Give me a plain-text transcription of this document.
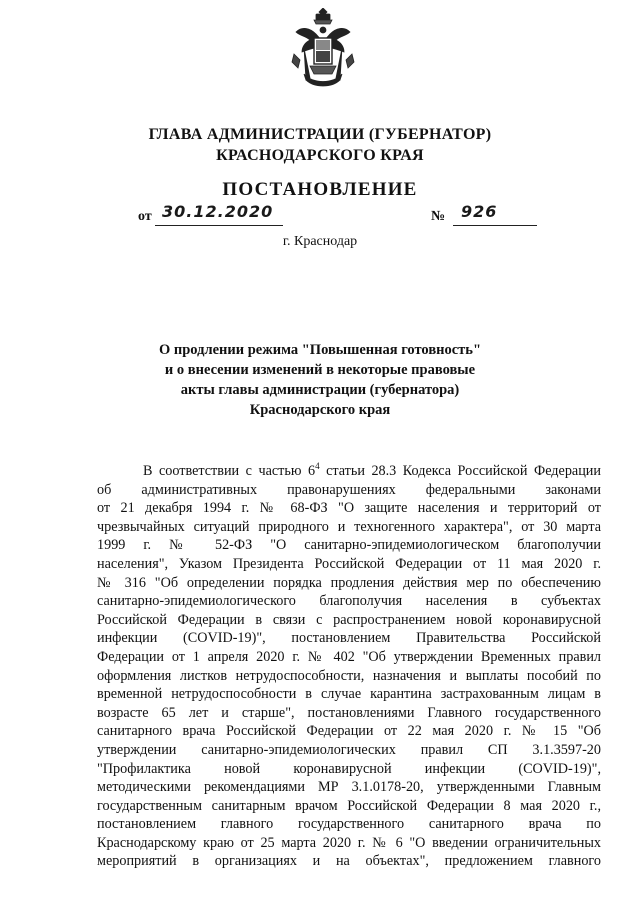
ГЛАВА АДМИНИСТРАЦИИ (ГУБЕРНАТОР)
КРАСНОДАРСКОГО КРАЯ
ПОСТАНОВЛЕНИЕ
от 30.12.2020	№ 926
г. Краснодар
О продлении режима "Повышенная готовность"
и о внесении изменений в некоторые правовые
акты главы администрации (губернатора)
Краснодарского края
В соответствии с частью $6^4$ статьи 28.3 Кодекса Российской Федерации
об административных правонарушениях федеральными законами
от 21 декабря 1994 г. № 68-ФЗ "О защите населения и территорий от
чрезвычайных ситуаций природного и техногенного характера", от 30 марта
1999 г. № 52-ФЗ "О санитарно-эпидемиологическом благополучии
населения", Указом Президента Российской Федерации от 11 мая 2020 г.
№ 316 "Об определении порядка продления действия мер по обеспечению
санитарно-эпидемиологического благополучия населения в субъектах
Российской Федерации в связи с распространением новой коронавирусной
инфекции (COVID-19)", постановлением Правительства Российской
Федерации от 1 апреля 2020 г. № 402 "Об утверждении Временных правил
оформления листков нетрудоспособности, назначения и выплаты пособий по
временной нетрудоспособности в случае карантина застрахованным лицам в
возрасте 65 лет и старше", постановлениями Главного государственного
санитарного врача Российской Федерации от 22 мая 2020 г. № 15 "Об
утверждении санитарно-эпидемиологических правил СП 3.1.3597-20
"Профилактика новой коронавирусной инфекции (COVID-19)",
методическими рекомендациями МР 3.1.0178-20, утвержденными Главным
государственным санитарным врачом Российской Федерации 8 мая 2020 г.,
постановлением главного государственного санитарного врача по
Краснодарскому краю от 25 марта 2020 г. № 6 "О введении ограничительных
мероприятий в организациях и на объектах", предложением главного
